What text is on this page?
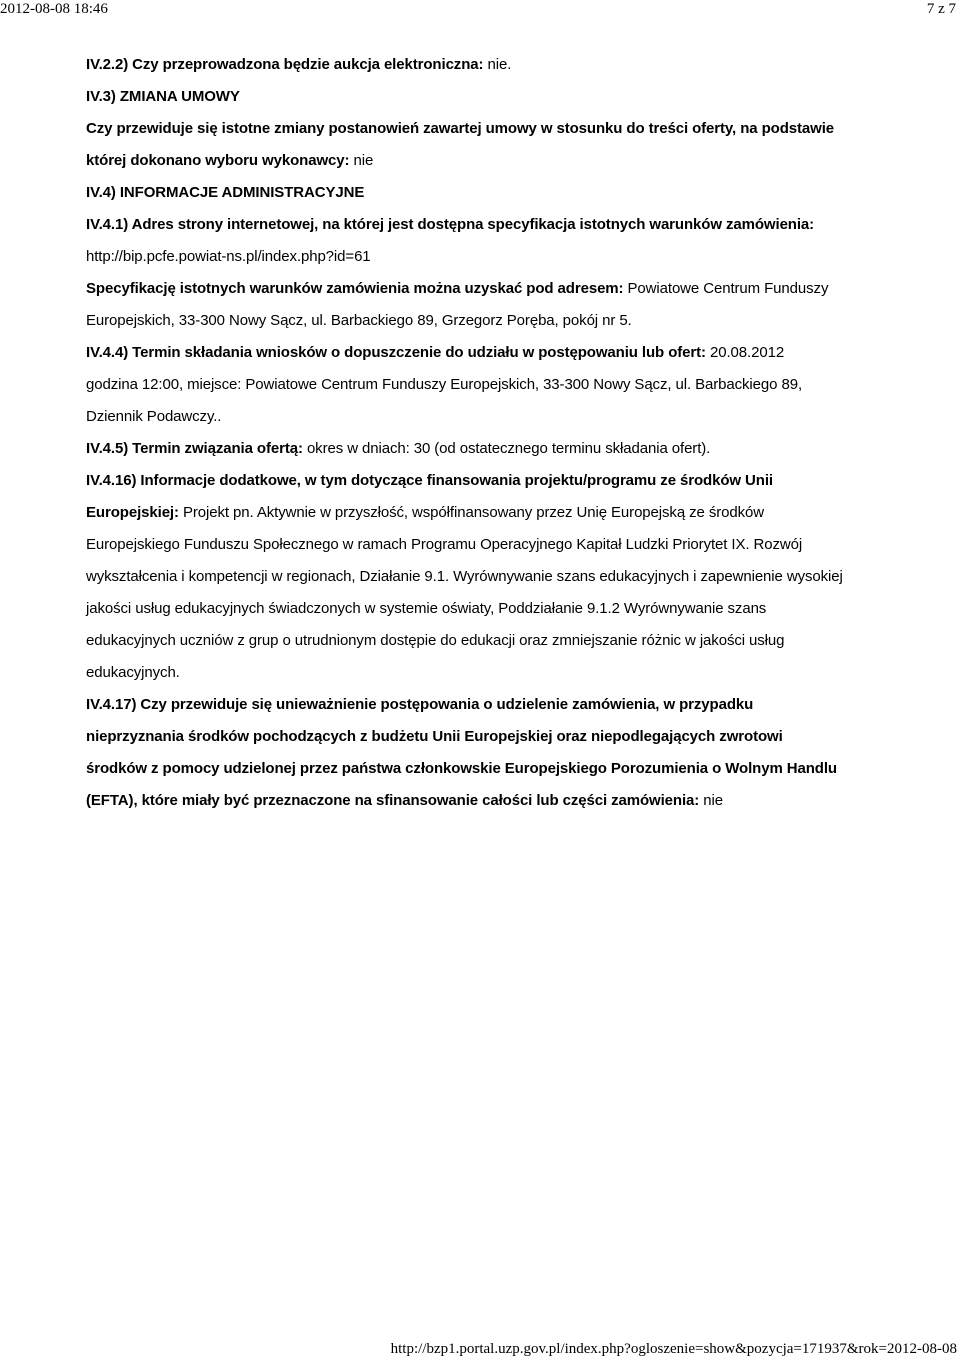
2012-08-08 18:46	7 z 7
IV.2.2) Czy przeprowadzona będzie aukcja elektroniczna: nie.
IV.3) ZMIANA UMOWY
Czy przewiduje się istotne zmiany postanowień zawartej umowy w stosunku do treści oferty, na podstawie
której dokonano wyboru wykonawcy: nie
IV.4) INFORMACJE ADMINISTRACYJNE
IV.4.1) Adres strony internetowej, na której jest dostępna specyfikacja istotnych warunków zamówienia:
http://bip.pcfe.powiat-ns.pl/index.php?id=61
Specyfikację istotnych warunków zamówienia można uzyskać pod adresem: Powiatowe Centrum Funduszy
Europejskich, 33-300 Nowy Sącz, ul. Barbackiego 89, Grzegorz Poręba, pokój nr 5.
IV.4.4) Termin składania wniosków o dopuszczenie do udziału w postępowaniu lub ofert: 20.08.2012
godzina 12:00, miejsce: Powiatowe Centrum Funduszy Europejskich, 33-300 Nowy Sącz, ul. Barbackiego 89,
Dziennik Podawczy..
IV.4.5) Termin związania ofertą: okres w dniach: 30 (od ostatecznego terminu składania ofert).
IV.4.16) Informacje dodatkowe, w tym dotyczące finansowania projektu/programu ze środków Unii
Europejskiej: Projekt pn. Aktywnie w przyszłość, współfinansowany przez Unię Europejską ze środków
Europejskiego Funduszu Społecznego w ramach Programu Operacyjnego Kapitał Ludzki Priorytet IX. Rozwój
wykształcenia i kompetencji w regionach, Działanie 9.1. Wyrównywanie szans edukacyjnych i zapewnienie wysokiej
jakości usług edukacyjnych świadczonych w systemie oświaty, Poddziałanie 9.1.2 Wyrównywanie szans
edukacyjnych uczniów z grup o utrudnionym dostępie do edukacji oraz zmniejszanie różnic w jakości usług
edukacyjnych.
IV.4.17) Czy przewiduje się unieważnienie postępowania o udzielenie zamówienia, w przypadku
nieprzyznania środków pochodzących z budżetu Unii Europejskiej oraz niepodlegających zwrotowi
środków z pomocy udzielonej przez państwa członkowskie Europejskiego Porozumienia o Wolnym Handlu
(EFTA), które miały być przeznaczone na sfinansowanie całości lub części zamówienia: nie
http://bzp1.portal.uzp.gov.pl/index.php?ogloszenie=show&pozycja=171937&rok=2012-08-08
